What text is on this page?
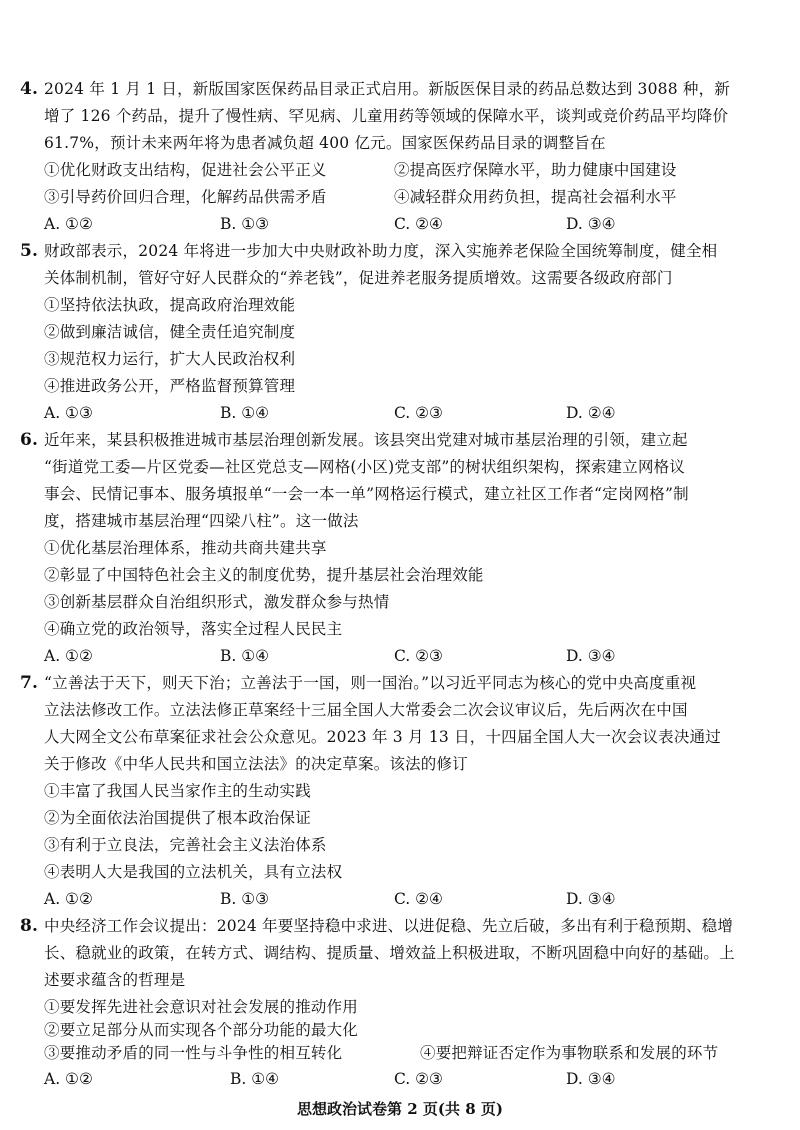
4. 2024 年 1 月 1 日，新版国家医保药品目录正式启用。新版医保目录的药品总数达到 3088 种，新
增了 126 个药品，提升了慢性病、罕见病、儿童用药等领域的保障水平，谈判或竞价药品平均降价
61.7%，预计未来两年将为患者减负超 400 亿元。国家医保药品目录的调整旨在
①优化财政支出结构，促进社会公平正义	②提高医疗保障水平，助力健康中国建设
③引导药价回归合理，化解药品供需矛盾	④减轻群众用药负担，提高社会福利水平
A. ①②	B. ①③	C. ②④	D. ③④
5. 财政部表示，2024 年将进一步加大中央财政补助力度，深入实施养老保险全国统筹制度，健全相
关体制机制，管好守好人民群众的“养老钱”，促进养老服务提质增效。这需要各级政府部门
①坚持依法执政，提高政府治理效能
②做到廉洁诚信，健全责任追究制度
③规范权力运行，扩大人民政治权利
④推进政务公开，严格监督预算管理
A. ①③	B. ①④	C. ②③	D. ②④
6. 近年来，某县积极推进城市基层治理创新发展。该县突出党建对城市基层治理的引领，建立起
“街道党工委—片区党委—社区党总支—网格(小区)党支部”的树状组织架构，探索建立网格议
事会、民情记事本、服务填报单“一会一本一单”网格运行模式，建立社区工作者“定岗网格”制
度，搭建城市基层治理“四梁八柱”。这一做法
①优化基层治理体系，推动共商共建共享
②彰显了中国特色社会主义的制度优势，提升基层社会治理效能
③创新基层群众自治组织形式，激发群众参与热情
④确立党的政治领导，落实全过程人民民主
A. ①②	B. ①④	C. ②③	D. ③④
7. “立善法于天下，则天下治；立善法于一国，则一国治。”以习近平同志为核心的党中央高度重视
立法法修改工作。立法法修正草案经十三届全国人大常委会二次会议审议后，先后两次在中国
人大网全文公布草案征求社会公众意见。2023 年 3 月 13 日，十四届全国人大一次会议表决通过
关于修改《中华人民共和国立法法》的决定草案。该法的修订
①丰富了我国人民当家作主的生动实践
②为全面依法治国提供了根本政治保证
③有利于立良法，完善社会主义法治体系
④表明人大是我国的立法机关，具有立法权
A. ①②	B. ①③	C. ②④	D. ③④
8. 中央经济工作会议提出：2024 年要坚持稳中求进、以进促稳、先立后破，多出有利于稳预期、稳增
长、稳就业的政策，在转方式、调结构、提质量、增效益上积极进取，不断巩固稳中向好的基础。上
述要求蕴含的哲理是
①要发挥先进社会意识对社会发展的推动作用
②要立足部分从而实现各个部分功能的最大化
③要推动矛盾的同一性与斗争性的相互转化	④要把辩证否定作为事物联系和发展的环节
思想政治试卷第 2 页(共 8 页)
A. ①②	B. ①④	C. ②③	D. ③④
